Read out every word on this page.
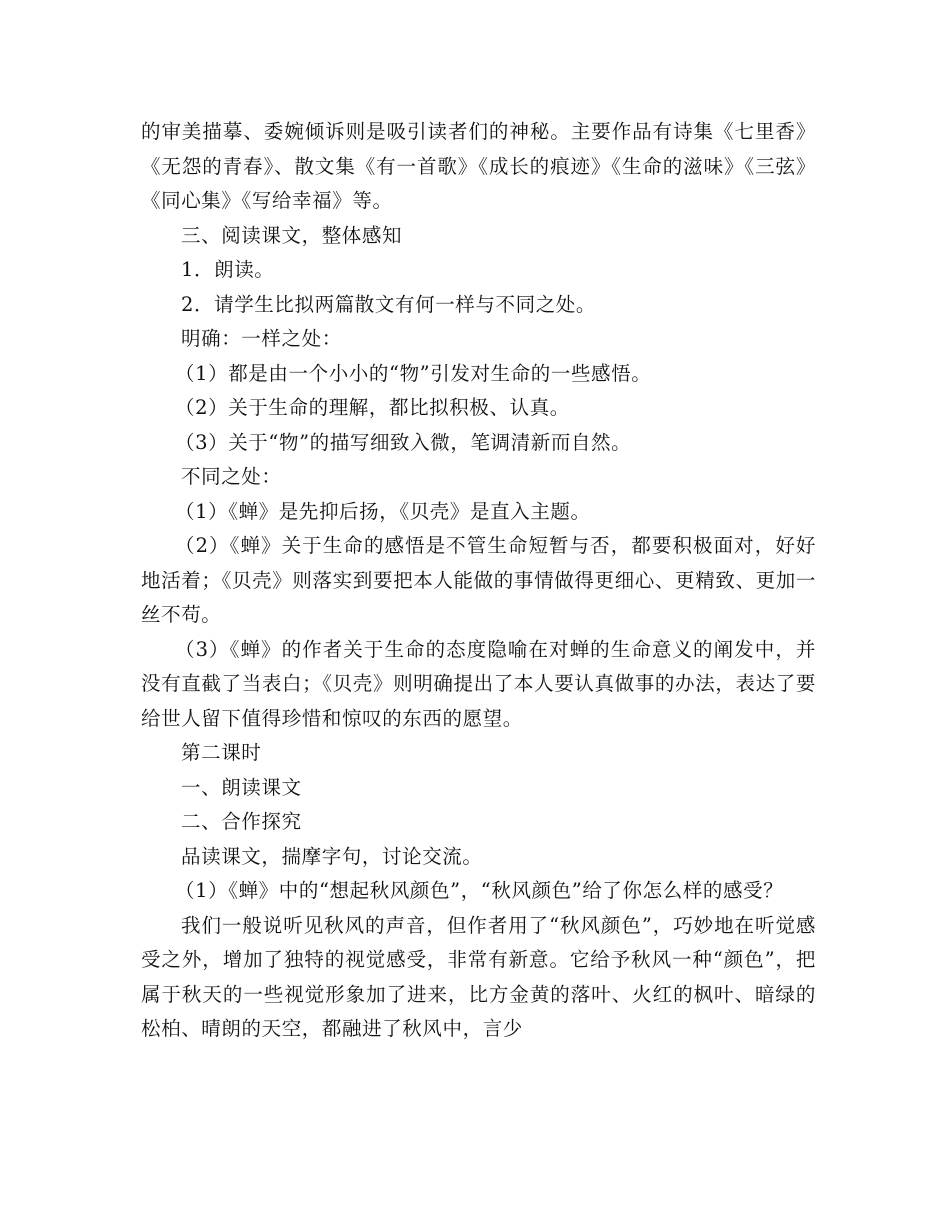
的审美描摹、委婉倾诉则是吸引读者们的神秘。主要作品有诗集《七里香》《无怨的青春》、散文集《有一首歌》《成长的痕迹》《生命的滋味》《三弦》《同心集》《写给幸福》等。

三、阅读课文，整体感知

1．朗读。

2．请学生比拟两篇散文有何一样与不同之处。

明确：一样之处：

（1）都是由一个小小的“物”引发对生命的一些感悟。

（2）关于生命的理解，都比拟积极、认真。

（3）关于“物”的描写细致入微，笔调清新而自然。

不同之处：

（1）《蝉》是先抑后扬，《贝壳》是直入主题。

（2）《蝉》关于生命的感悟是不管生命短暂与否，都要积极面对，好好地活着；《贝壳》则落实到要把本人能做的事情做得更细心、更精致、更加一丝不苟。

（3）《蝉》的作者关于生命的态度隐喻在对蝉的生命意义的阐发中，并没有直截了当表白；《贝壳》则明确提出了本人要认真做事的办法，表达了要给世人留下值得珍惜和惊叹的东西的愿望。

第二课时

一、朗读课文

二、合作探究

品读课文，揣摩字句，讨论交流。

（1）《蝉》中的“想起秋风颜色”，“秋风颜色”给了你怎么样的感受？

我们一般说听见秋风的声音，但作者用了“秋风颜色”，巧妙地在听觉感受之外，增加了独特的视觉感受，非常有新意。它给予秋风一种“颜色”，把属于秋天的一些视觉形象加了进来，比方金黄的落叶、火红的枫叶、暗绿的松柏、晴朗的天空，都融进了秋风中，言少
